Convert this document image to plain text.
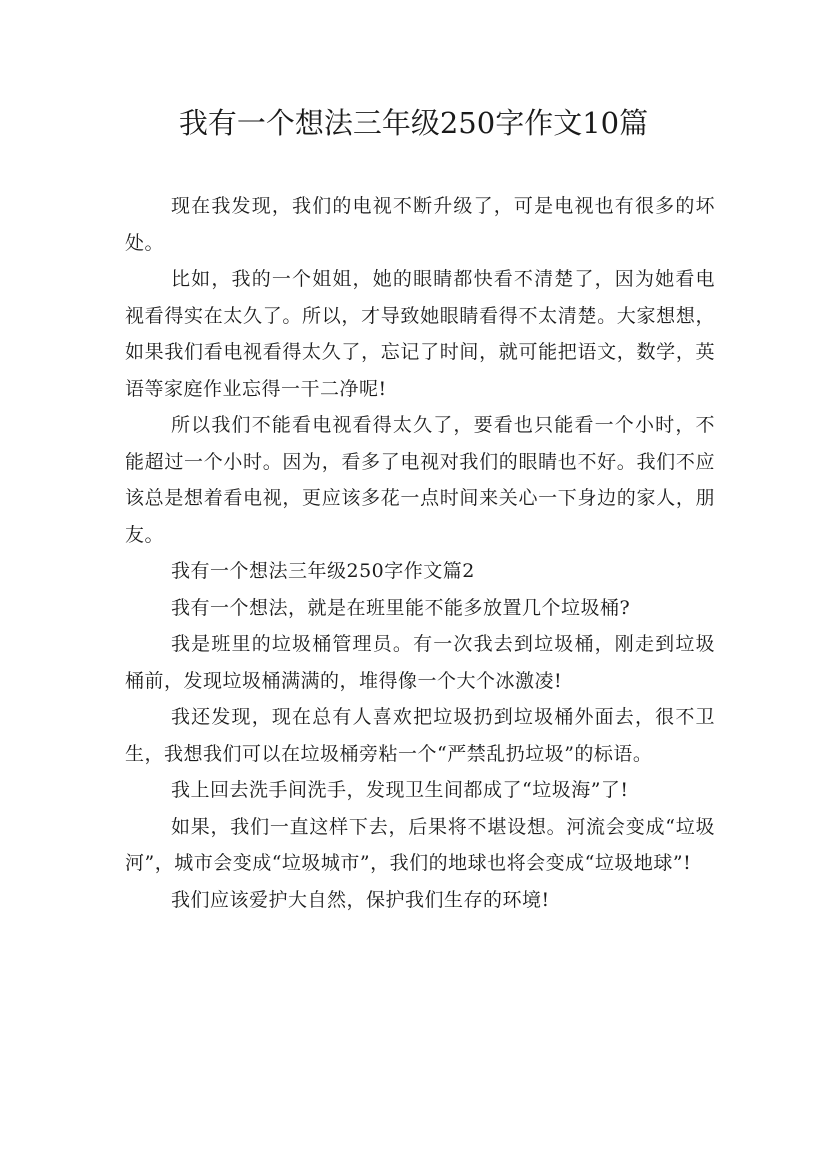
我有一个想法三年级250字作文10篇

现在我发现，我们的电视不断升级了，可是电视也有很多的坏处。

比如，我的一个姐姐，她的眼睛都快看不清楚了，因为她看电视看得实在太久了。所以，才导致她眼睛看得不太清楚。大家想想，如果我们看电视看得太久了，忘记了时间，就可能把语文，数学，英语等家庭作业忘得一干二净呢!

所以我们不能看电视看得太久了，要看也只能看一个小时，不能超过一个小时。因为，看多了电视对我们的眼睛也不好。我们不应该总是想着看电视，更应该多花一点时间来关心一下身边的家人，朋友。

我有一个想法三年级250字作文篇2

我有一个想法，就是在班里能不能多放置几个垃圾桶?

我是班里的垃圾桶管理员。有一次我去到垃圾桶，刚走到垃圾桶前，发现垃圾桶满满的，堆得像一个大个冰激凌!

我还发现，现在总有人喜欢把垃圾扔到垃圾桶外面去，很不卫生，我想我们可以在垃圾桶旁粘一个“严禁乱扔垃圾”的标语。

我上回去洗手间洗手，发现卫生间都成了“垃圾海”了!

如果，我们一直这样下去，后果将不堪设想。河流会变成“垃圾河”，城市会变成“垃圾城市”，我们的地球也将会变成“垃圾地球”!

我们应该爱护大自然，保护我们生存的环境!
